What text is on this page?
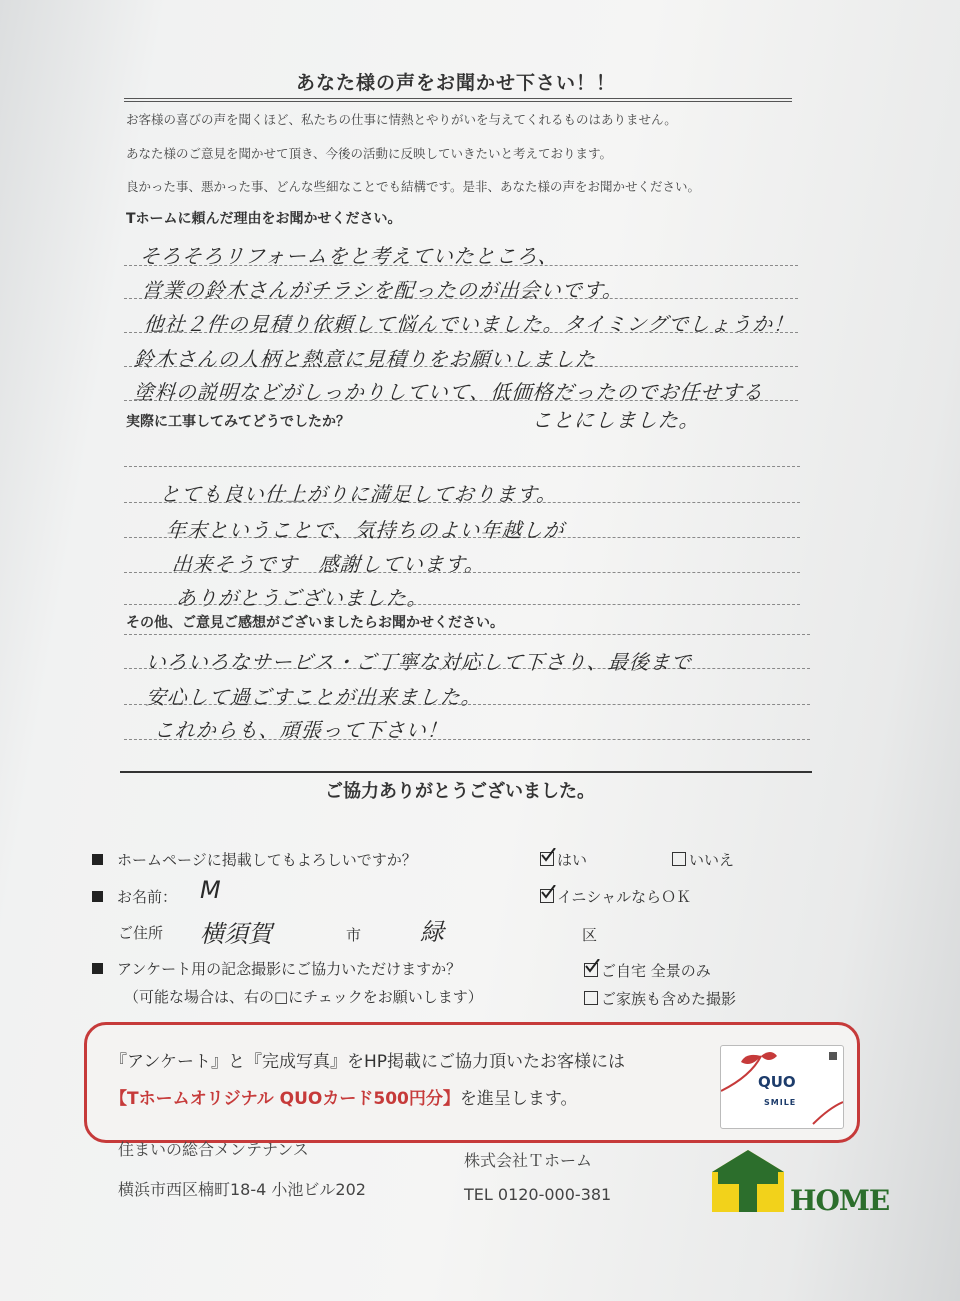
あなた様の声をお聞かせ下さい！！
お客様の喜びの声を聞くほど、私たちの仕事に情熱とやりがいを与えてくれるものはありません。
あなた様のご意見を聞かせて頂き、今後の活動に反映していきたいと考えております。
良かった事、悪かった事、どんな些細なことでも結構です。是非、あなた様の声をお聞かせください。
Tホームに頼んだ理由をお聞かせください。
そろそろリフォームをと考えていたところ、
営業の鈴木さんがチラシを配ったのが出会いです。
他社２件の見積り依頼して悩んでいました。タイミングでしょうか！
鈴木さんの人柄と熱意に見積りをお願いしました
塗料の説明などがしっかりしていて、低価格だったのでお任せする
ことにしました。
実際に工事してみてどうでしたか？
とても良い仕上がりに満足しております。
年末ということで、気持ちのよい年越しが
出来そうです　感謝しています。
ありがとうございました。
その他、ご意見ご感想がございましたらお聞かせください。
いろいろなサービス・ご丁寧な対応して下さり、最後まで
安心して過ごすことが出来ました。
これからも、頑張って下さい！
ご協力ありがとうございました。
ホームページに掲載してもよろしいですか？	はい	いいえ
お名前： M	イニシャルならＯＫ
ご住所 横須賀	市 緑	区
アンケート用の記念撮影にご協力いただけますか？
（可能な場合は、右の□にチェックをお願いします）
ご自宅 全景のみ
ご家族も含めた撮影
『アンケート』と『完成写真』をHP掲載にご協力頂いたお客様には
【Tホームオリジナル QUOカード500円分】を進呈します。
QUO
SMILE
住まいの総合メンテナンス
横浜市西区楠町18-4 小池ビル202
株式会社Ｔホーム
TEL 0120-000-381	HOME
